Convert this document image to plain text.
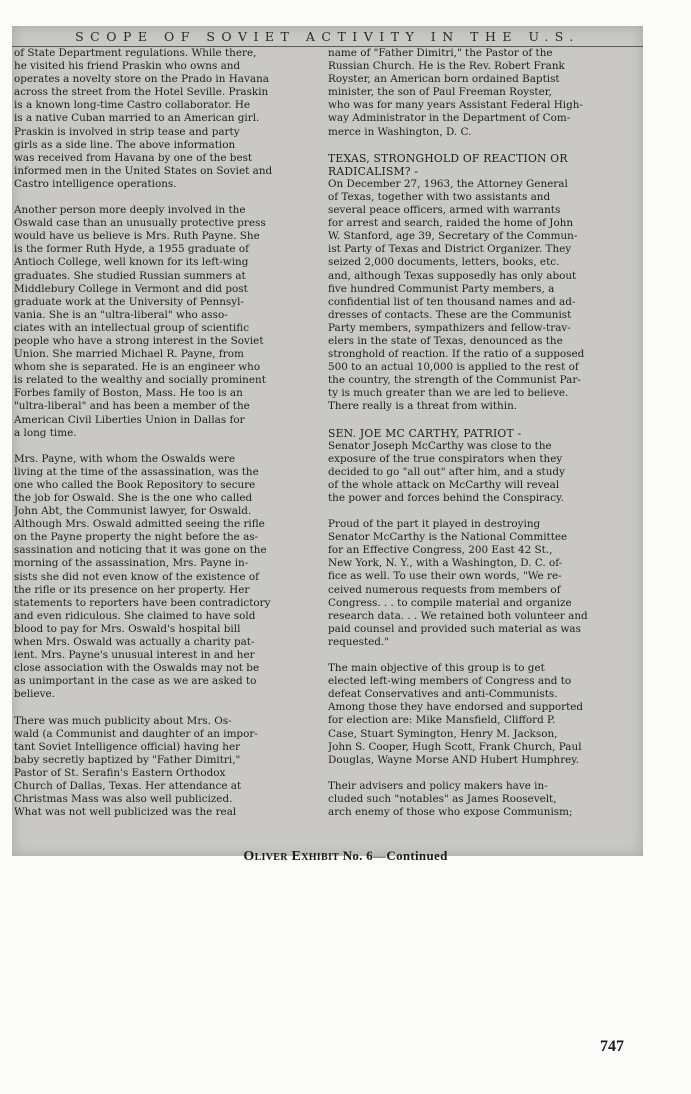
SCOPE OF SOVIET ACTIVITY IN THE U.S.
of State Department regulations. While there,
he visited his friend Praskin who owns and
operates a novelty store on the Prado in Havana
across the street from the Hotel Seville. Praskin
is a known long-time Castro collaborator. He
is a native Cuban married to an American girl.
Praskin is involved in strip tease and party
girls as a side line. The above information
was received from Havana by one of the best
informed men in the United States on Soviet and
Castro intelligence operations.
Another person more deeply involved in the
Oswald case than an unusually protective press
would have us believe is Mrs. Ruth Payne. She
is the former Ruth Hyde, a 1955 graduate of
Antioch College, well known for its left-wing
graduates. She studied Russian summers at
Middlebury College in Vermont and did post
graduate work at the University of Pennsyl-
vania. She is an "ultra-liberal" who asso-
ciates with an intellectual group of scientific
people who have a strong interest in the Soviet
Union. She married Michael R. Payne, from
whom she is separated. He is an engineer who
is related to the wealthy and socially prominent
Forbes family of Boston, Mass. He too is an
"ultra-liberal" and has been a member of the
American Civil Liberties Union in Dallas for
a long time.
Mrs. Payne, with whom the Oswalds were
living at the time of the assassination, was the
one who called the Book Repository to secure
the job for Oswald. She is the one who called
John Abt, the Communist lawyer, for Oswald.
Although Mrs. Oswald admitted seeing the rifle
on the Payne property the night before the as-
sassination and noticing that it was gone on the
morning of the assassination, Mrs. Payne in-
sists she did not even know of the existence of
the rifle or its presence on her property. Her
statements to reporters have been contradictory
and even ridiculous. She claimed to have sold
blood to pay for Mrs. Oswald's hospital bill
when Mrs. Oswald was actually a charity pat-
ient. Mrs. Payne's unusual interest in and her
close association with the Oswalds may not be
as unimportant in the case as we are asked to
believe.
There was much publicity about Mrs. Os-
wald (a Communist and daughter of an impor-
tant Soviet Intelligence official) having her
baby secretly baptized by "Father Dimitri,"
Pastor of St. Serafin's Eastern Orthodox
Church of Dallas, Texas. Her attendance at
Christmas Mass was also well publicized.
What was not well publicized was the real
name of "Father Dimitri," the Pastor of the
Russian Church. He is the Rev. Robert Frank
Royster, an American born ordained Baptist
minister, the son of Paul Freeman Royster,
who was for many years Assistant Federal High-
way Administrator in the Department of Com-
merce in Washington, D. C.
TEXAS, STRONGHOLD OF REACTION OR
RADICALISM? -
On December 27, 1963, the Attorney General
of Texas, together with two assistants and
several peace officers, armed with warrants
for arrest and search, raided the home of John
W. Stanford, age 39, Secretary of the Commun-
ist Party of Texas and District Organizer. They
seized 2,000 documents, letters, books, etc.
and, although Texas supposedly has only about
five hundred Communist Party members, a
confidential list of ten thousand names and ad-
dresses of contacts. These are the Communist
Party members, sympathizers and fellow-trav-
elers in the state of Texas, denounced as the
stronghold of reaction. If the ratio of a supposed
500 to an actual 10,000 is applied to the rest of
the country, the strength of the Communist Par-
ty is much greater than we are led to believe.
There really is a threat from within.
SEN. JOE MC CARTHY, PATRIOT -
Senator Joseph McCarthy was close to the
exposure of the true conspirators when they
decided to go "all out" after him, and a study
of the whole attack on McCarthy will reveal
the power and forces behind the Conspiracy.
Proud of the part it played in destroying
Senator McCarthy is the National Committee
for an Effective Congress, 200 East 42 St.,
New York, N. Y., with a Washington, D. C. of-
fice as well. To use their own words, "We re-
ceived numerous requests from members of
Congress. . . to compile material and organize
research data. . . We retained both volunteer and
paid counsel and provided such material as was
requested."
The main objective of this group is to get
elected left-wing members of Congress and to
defeat Conservatives and anti-Communists.
Among those they have endorsed and supported
for election are: Mike Mansfield, Clifford P.
Case, Stuart Symington, Henry M. Jackson,
John S. Cooper, Hugh Scott, Frank Church, Paul
Douglas, Wayne Morse AND Hubert Humphrey.
Their advisers and policy makers have in-
cluded such "notables" as James Roosevelt,
arch enemy of those who expose Communism;
Oliver Exhibit No. 6—Continued
747
